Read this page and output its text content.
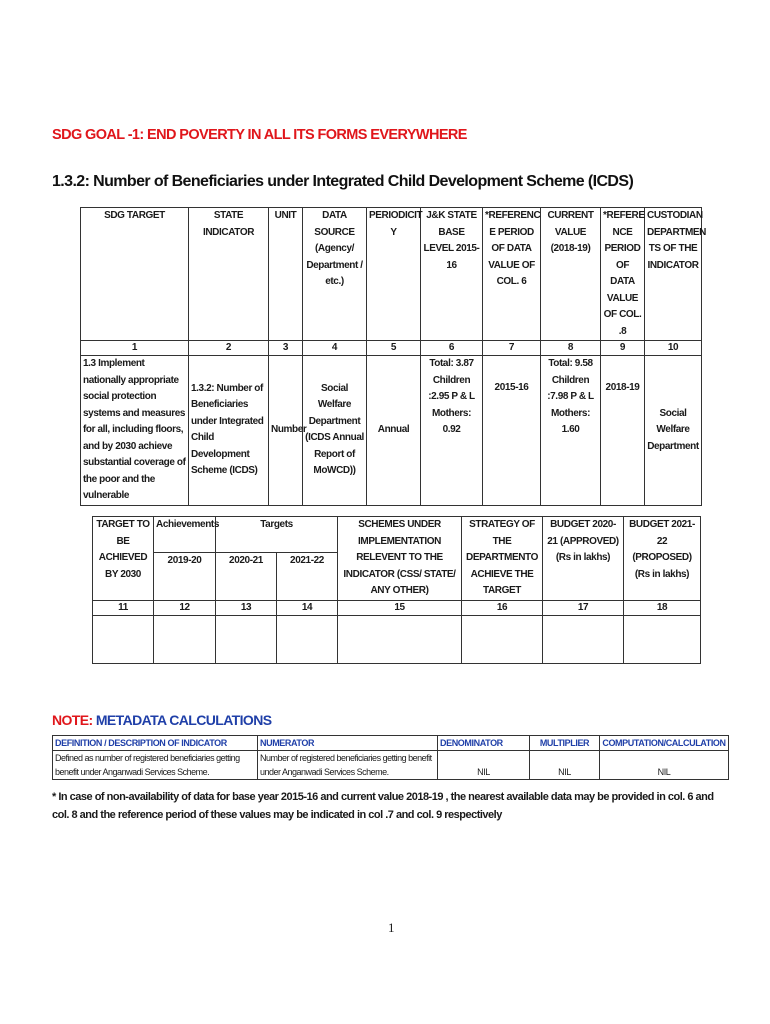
SDG GOAL -1: END POVERTY IN ALL ITS FORMS EVERYWHERE
1.3.2: Number of Beneficiaries under Integrated Child Development Scheme (ICDS)
SDG TARGET	STATE INDICATOR	UNIT	DATA SOURCE (Agency/ Department / etc.)	PERIODICIT Y	J&K STATE BASE LEVEL 2015-16	*REFERENC E PERIOD OF DATA VALUE OF COL. 6	CURRENT VALUE (2018-19)	*REFERE NCE PERIOD OF DATA VALUE OF COL. .8	CUSTODIAN DEPARTMEN TS OF THE INDICATOR
1	2	3	4	5	6	7	8	9	10
1.3 Implement nationally appropriate social protection systems and measures for all, including floors, and by 2030 achieve substantial coverage of the poor and the vulnerable	1.3.2: Number of Beneficiaries under Integrated Child Development Scheme (ICDS)	Number	Social Welfare Department (ICDS Annual Report of MoWCD))	Annual	Total: 3.87 Children :2.95 P & L Mothers: 0.92	2015-16	Total: 9.58 Children :7.98 P & L Mothers: 1.60	2018-19	Social Welfare Department
TARGET TO BE ACHIEVED BY 2030	Achievements	Targets		SCHEMES UNDER IMPLEMENTATION RELEVENT TO THE INDICATOR (CSS/ STATE/ ANY OTHER)	STRATEGY OF THE DEPARTMENTO ACHIEVE THE TARGET	BUDGET 2020-21 (APPROVED) (Rs in lakhs)	BUDGET 2021-22 (PROPOSED) (Rs in lakhs)
	2019-20	2020-21	2021-22				
11	12	13	14	15	16	17	18

NOTE: METADATA CALCULATIONS
DEFINITION / DESCRIPTION OF INDICATOR	NUMERATOR	DENOMINATOR	MULTIPLIER	COMPUTATION/CALCULATION
Defined as number of registered beneficiaries getting benefit under Anganwadi Services Scheme.	Number of registered beneficiaries getting benefit under Anganwadi Services Scheme.	NIL	NIL	NIL
* In case of non-availability of data for base year 2015-16 and current value 2018-19 , the nearest available data may be provided in col. 6 and col. 8 and the reference period of these values may be indicated in col .7 and col. 9 respectively
1
